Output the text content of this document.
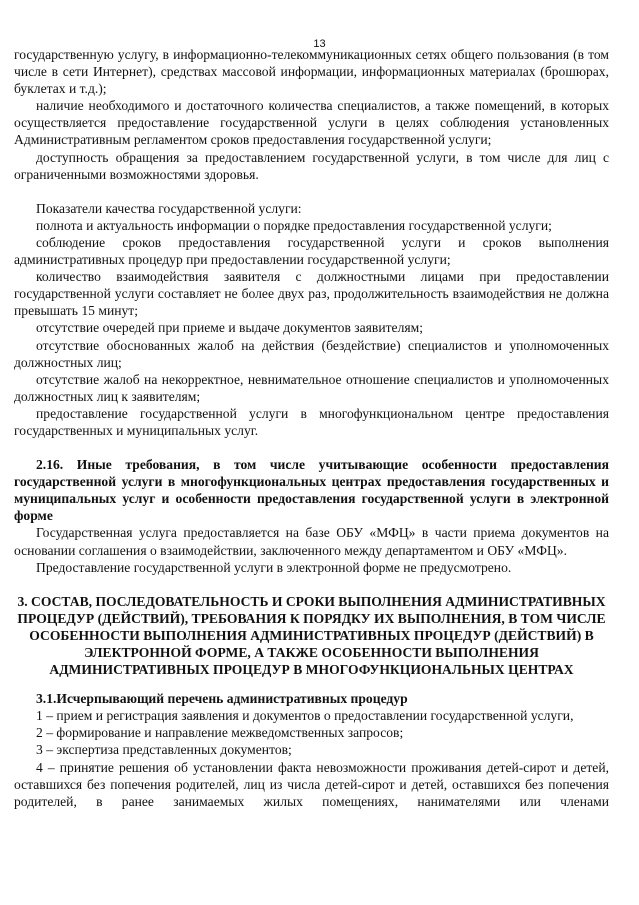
13

государственную услугу, в информационно-телекоммуникационных сетях общего пользования (в том числе в сети Интернет), средствах массовой информации, информационных материалах (брошюрах, буклетах и т.д.);

наличие необходимого и достаточного количества специалистов, а также помещений, в которых осуществляется предоставление государственной услуги в целях соблюдения установленных Административным регламентом сроков предоставления государственной услуги;

доступность обращения за предоставлением государственной услуги, в том числе для лиц с ограниченными возможностями здоровья.

Показатели качества государственной услуги:

полнота и актуальность информации о порядке предоставления государственной услуги;

соблюдение сроков предоставления государственной услуги и сроков выполнения административных процедур при предоставлении государственной услуги;

количество взаимодействия заявителя с должностными лицами при предоставлении государственной услуги составляет не более двух раз, продолжительность взаимодействия не должна превышать 15 минут;

отсутствие очередей при приеме и выдаче документов заявителям;

отсутствие обоснованных жалоб на действия (бездействие) специалистов и уполномоченных должностных лиц;

отсутствие жалоб на некорректное, невнимательное отношение специалистов и уполномоченных должностных лиц к заявителям;

предоставление государственной услуги в многофункциональном центре предоставления государственных и муниципальных услуг.

2.16. Иные требования, в том числе учитывающие особенности предоставления государственной услуги в многофункциональных центрах предоставления государственных и муниципальных услуг и особенности предоставления государственной услуги в электронной форме

Государственная услуга предоставляется на базе ОБУ «МФЦ» в части приема документов на основании соглашения о взаимодействии, заключенного между департаментом и ОБУ «МФЦ».

Предоставление государственной услуги в электронной форме не предусмотрено.

3. СОСТАВ, ПОСЛЕДОВАТЕЛЬНОСТЬ И СРОКИ ВЫПОЛНЕНИЯ АДМИНИСТРАТИВНЫХ ПРОЦЕДУР (ДЕЙСТВИЙ), ТРЕБОВАНИЯ К ПОРЯДКУ ИХ ВЫПОЛНЕНИЯ, В ТОМ ЧИСЛЕ ОСОБЕННОСТИ ВЫПОЛНЕНИЯ АДМИНИСТРАТИВНЫХ ПРОЦЕДУР (ДЕЙСТВИЙ) В ЭЛЕКТРОННОЙ ФОРМЕ, А ТАКЖЕ ОСОБЕННОСТИ ВЫПОЛНЕНИЯ АДМИНИСТРАТИВНЫХ ПРОЦЕДУР В МНОГОФУНКЦИОНАЛЬНЫХ ЦЕНТРАХ

3.1.Исчерпывающий перечень административных процедур

1 – прием и регистрация заявления и документов о предоставлении государственной услуги,

2 – формирование и направление межведомственных запросов;

3 – экспертиза представленных документов;

4 – принятие решения об установлении факта невозможности проживания детей-сирот и детей, оставшихся без попечения родителей, лиц из числа детей-сирот и детей, оставшихся без попечения родителей, в ранее занимаемых жилых помещениях, нанимателями или членами
